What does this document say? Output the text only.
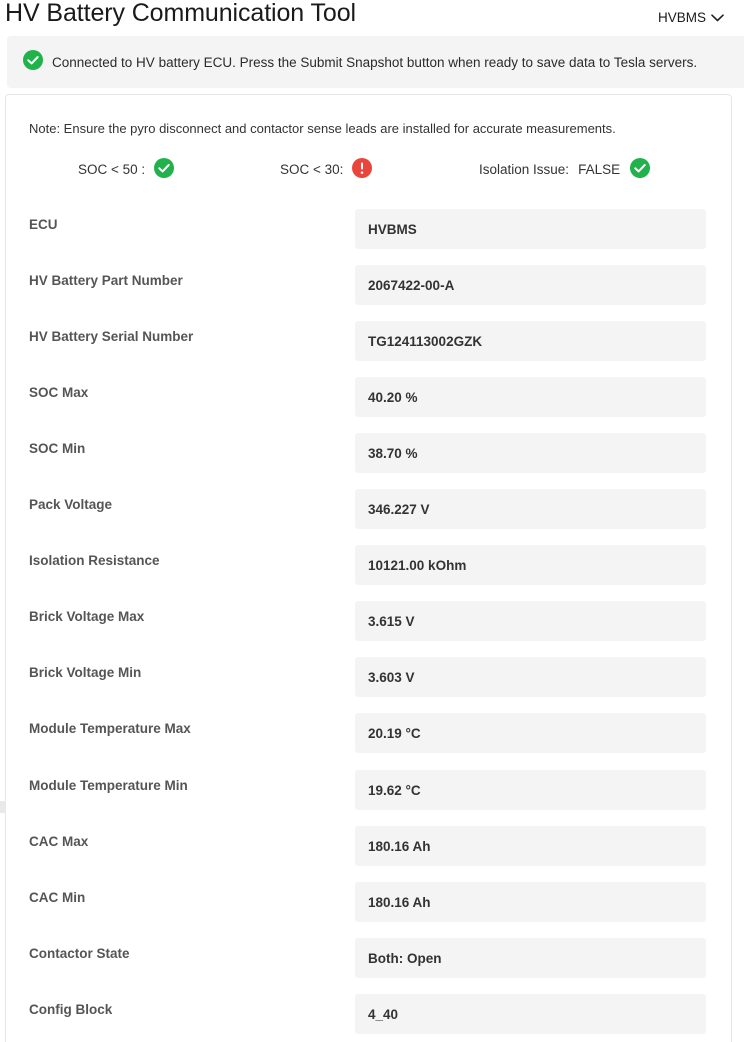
HV Battery Communication Tool	HVBMS
Connected to HV battery ECU. Press the Submit Snapshot button when ready to save data to Tesla servers.
Note: Ensure the pyro disconnect and contactor sense leads are installed for accurate measurements.
SOC < 50 :	SOC < 30:	Isolation Issue: FALSE
ECU	HVBMS
HV Battery Part Number	2067422-00-A
HV Battery Serial Number	TG124113002GZK
SOC Max	40.20 %
SOC Min	38.70 %
Pack Voltage	346.227 V
Isolation Resistance	10121.00 kOhm
Brick Voltage Max	3.615 V
Brick Voltage Min	3.603 V
Module Temperature Max	20.19 °C
Module Temperature Min	19.62 °C
CAC Max	180.16 Ah
CAC Min	180.16 Ah
Contactor State	Both: Open
Config Block	4_40
